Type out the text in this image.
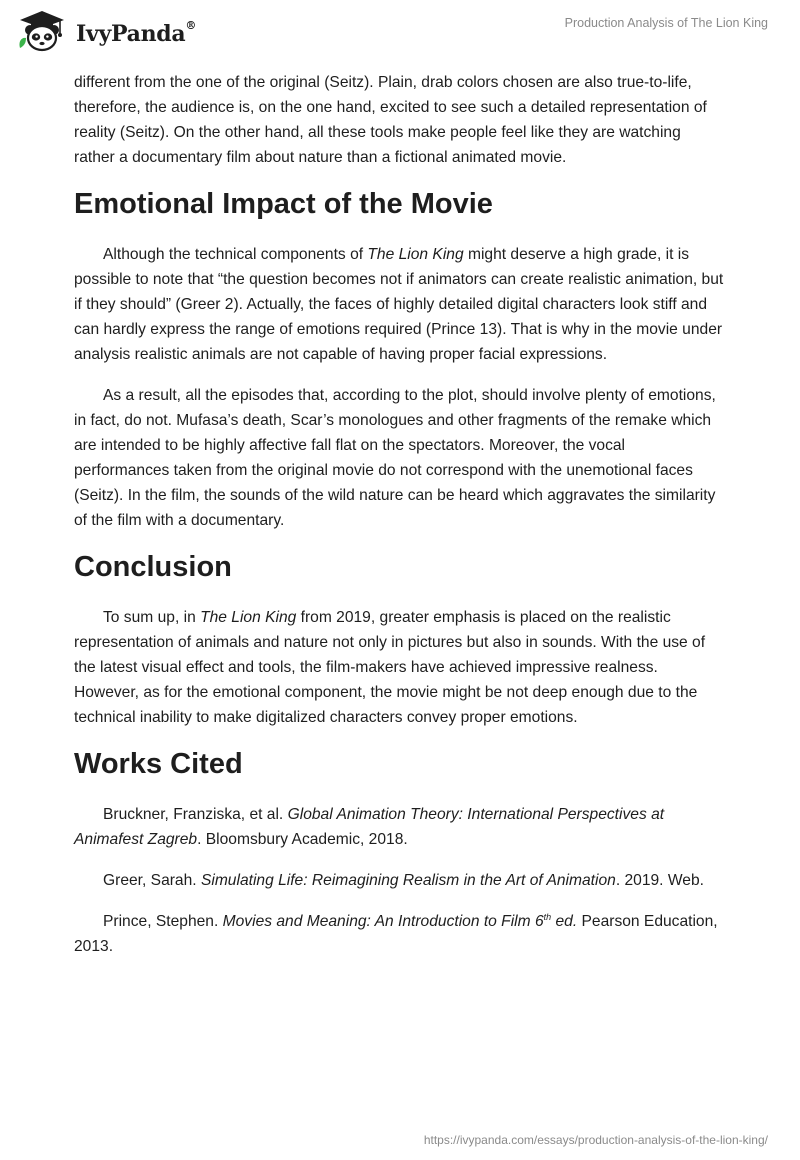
IvyPanda®	Production Analysis of The Lion King

different from the one of the original (Seitz). Plain, drab colors chosen are also true-to-life, therefore, the audience is, on the one hand, excited to see such a detailed representation of reality (Seitz). On the other hand, all these tools make people feel like they are watching rather a documentary film about nature than a fictional animated movie.

Emotional Impact of the Movie

Although the technical components of The Lion King might deserve a high grade, it is possible to note that “the question becomes not if animators can create realistic animation, but if they should” (Greer 2). Actually, the faces of highly detailed digital characters look stiff and can hardly express the range of emotions required (Prince 13). That is why in the movie under analysis realistic animals are not capable of having proper facial expressions.

As a result, all the episodes that, according to the plot, should involve plenty of emotions, in fact, do not. Mufasa’s death, Scar’s monologues and other fragments of the remake which are intended to be highly affective fall flat on the spectators. Moreover, the vocal performances taken from the original movie do not correspond with the unemotional faces (Seitz). In the film, the sounds of the wild nature can be heard which aggravates the similarity of the film with a documentary.

Conclusion

To sum up, in The Lion King from 2019, greater emphasis is placed on the realistic representation of animals and nature not only in pictures but also in sounds. With the use of the latest visual effect and tools, the film-makers have achieved impressive realness. However, as for the emotional component, the movie might be not deep enough due to the technical inability to make digitalized characters convey proper emotions.

Works Cited

Bruckner, Franziska, et al. Global Animation Theory: International Perspectives at Animafest Zagreb. Bloomsbury Academic, 2018.

Greer, Sarah. Simulating Life: Reimagining Realism in the Art of Animation. 2019. Web.

Prince, Stephen. Movies and Meaning: An Introduction to Film 6th ed. Pearson Education, 2013.

https://ivypanda.com/essays/production-analysis-of-the-lion-king/
